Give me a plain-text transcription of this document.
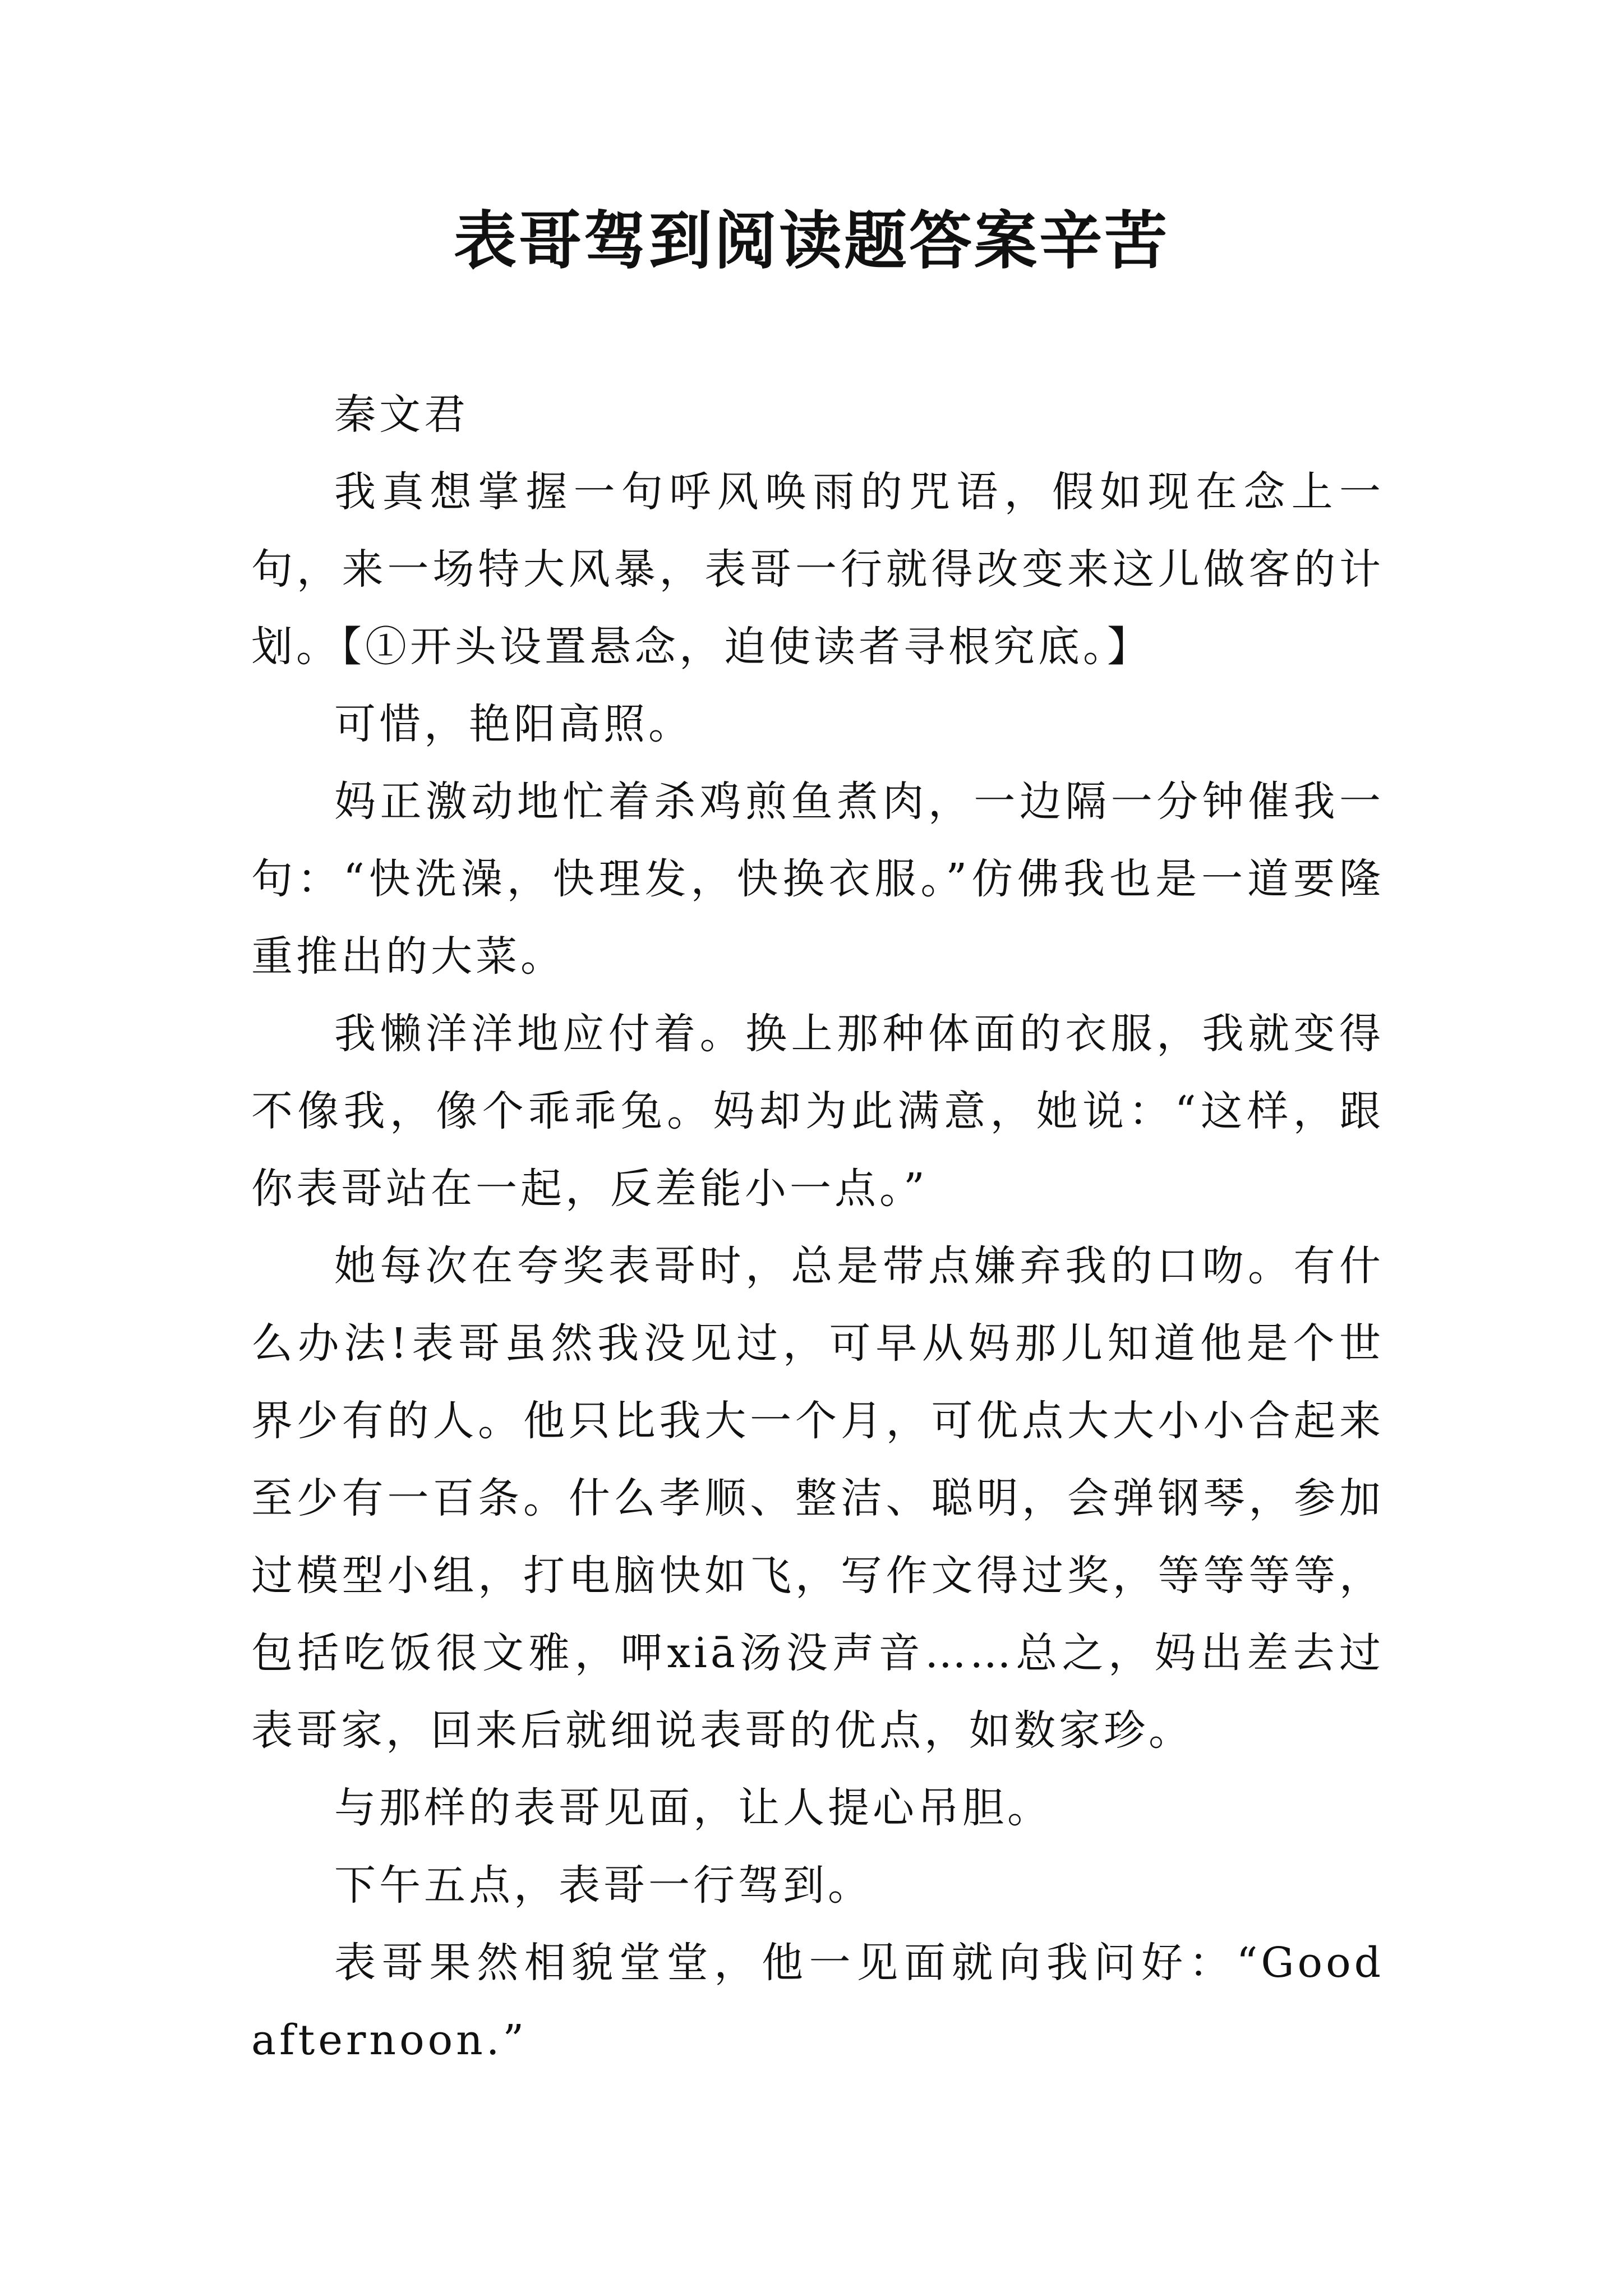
表哥驾到阅读题答案辛苦

秦文君

我真想掌握一句呼风唤雨的咒语，假如现在念上一句，来一场特大风暴，表哥一行就得改变来这儿做客的计划。【①开头设置悬念，迫使读者寻根究底。】

可惜，艳阳高照。

妈正激动地忙着杀鸡煎鱼煮肉，一边隔一分钟催我一句：“快洗澡，快理发，快换衣服。”仿佛我也是一道要隆重推出的大菜。

我懒洋洋地应付着。换上那种体面的衣服，我就变得不像我，像个乖乖兔。妈却为此满意，她说：“这样，跟你表哥站在一起，反差能小一点。”

她每次在夸奖表哥时，总是带点嫌弃我的口吻。有什么办法!表哥虽然我没见过，可早从妈那儿知道他是个世界少有的人。他只比我大一个月，可优点大大小小合起来至少有一百条。什么孝顺、整洁、聪明，会弹钢琴，参加过模型小组，打电脑快如飞，写作文得过奖，等等等等，包括吃饭很文雅，呷xiā汤没声音……总之，妈出差去过表哥家，回来后就细说表哥的优点，如数家珍。

与那样的表哥见面，让人提心吊胆。

下午五点，表哥一行驾到。

表哥果然相貌堂堂，他一见面就向我问好：“Good afternoon.”
